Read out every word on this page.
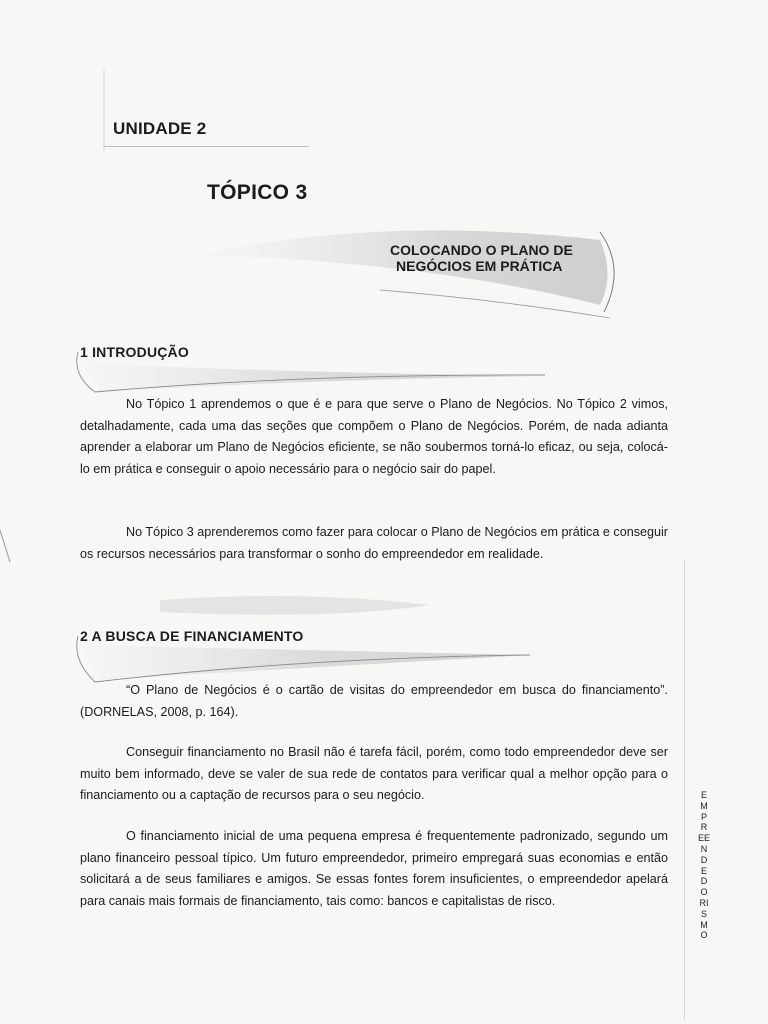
UNIDADE 2
TÓPICO 3
COLOCANDO O PLANO DE
NEGÓCIOS EM PRÁTICA
1 INTRODUÇÃO

No Tópico 1 aprendemos o que é e para que serve o Plano de Negócios. No Tópico 2 vimos, detalhadamente, cada uma das seções que compõem o Plano de Negócios. Porém, de nada adianta aprender a elaborar um Plano de Negócios eficiente, se não soubermos torná-lo eficaz, ou seja, colocá-lo em prática e conseguir o apoio necessário para o negócio sair do papel.

No Tópico 3 aprenderemos como fazer para colocar o Plano de Negócios em prática e conseguir os recursos necessários para transformar o sonho do empreendedor em realidade.

2 A BUSCA DE FINANCIAMENTO

“O Plano de Negócios é o cartão de visitas do empreendedor em busca do financiamento”. (DORNELAS, 2008, p. 164).

Conseguir financiamento no Brasil não é tarefa fácil, porém, como todo empreendedor deve ser muito bem informado, deve se valer de sua rede de contatos para verificar qual a melhor opção para o financiamento ou a captação de recursos para o seu negócio.

O financiamento inicial de uma pequena empresa é frequentemente padronizado, segundo um plano financeiro pessoal típico. Um futuro empreendedor, primeiro empregará suas economias e então solicitará a de seus familiares e amigos. Se essas fontes forem insuficientes, o empreendedor apelará para canais mais formais de financiamento, tais como: bancos e capitalistas de risco.

EMPREENDEDORISMO
